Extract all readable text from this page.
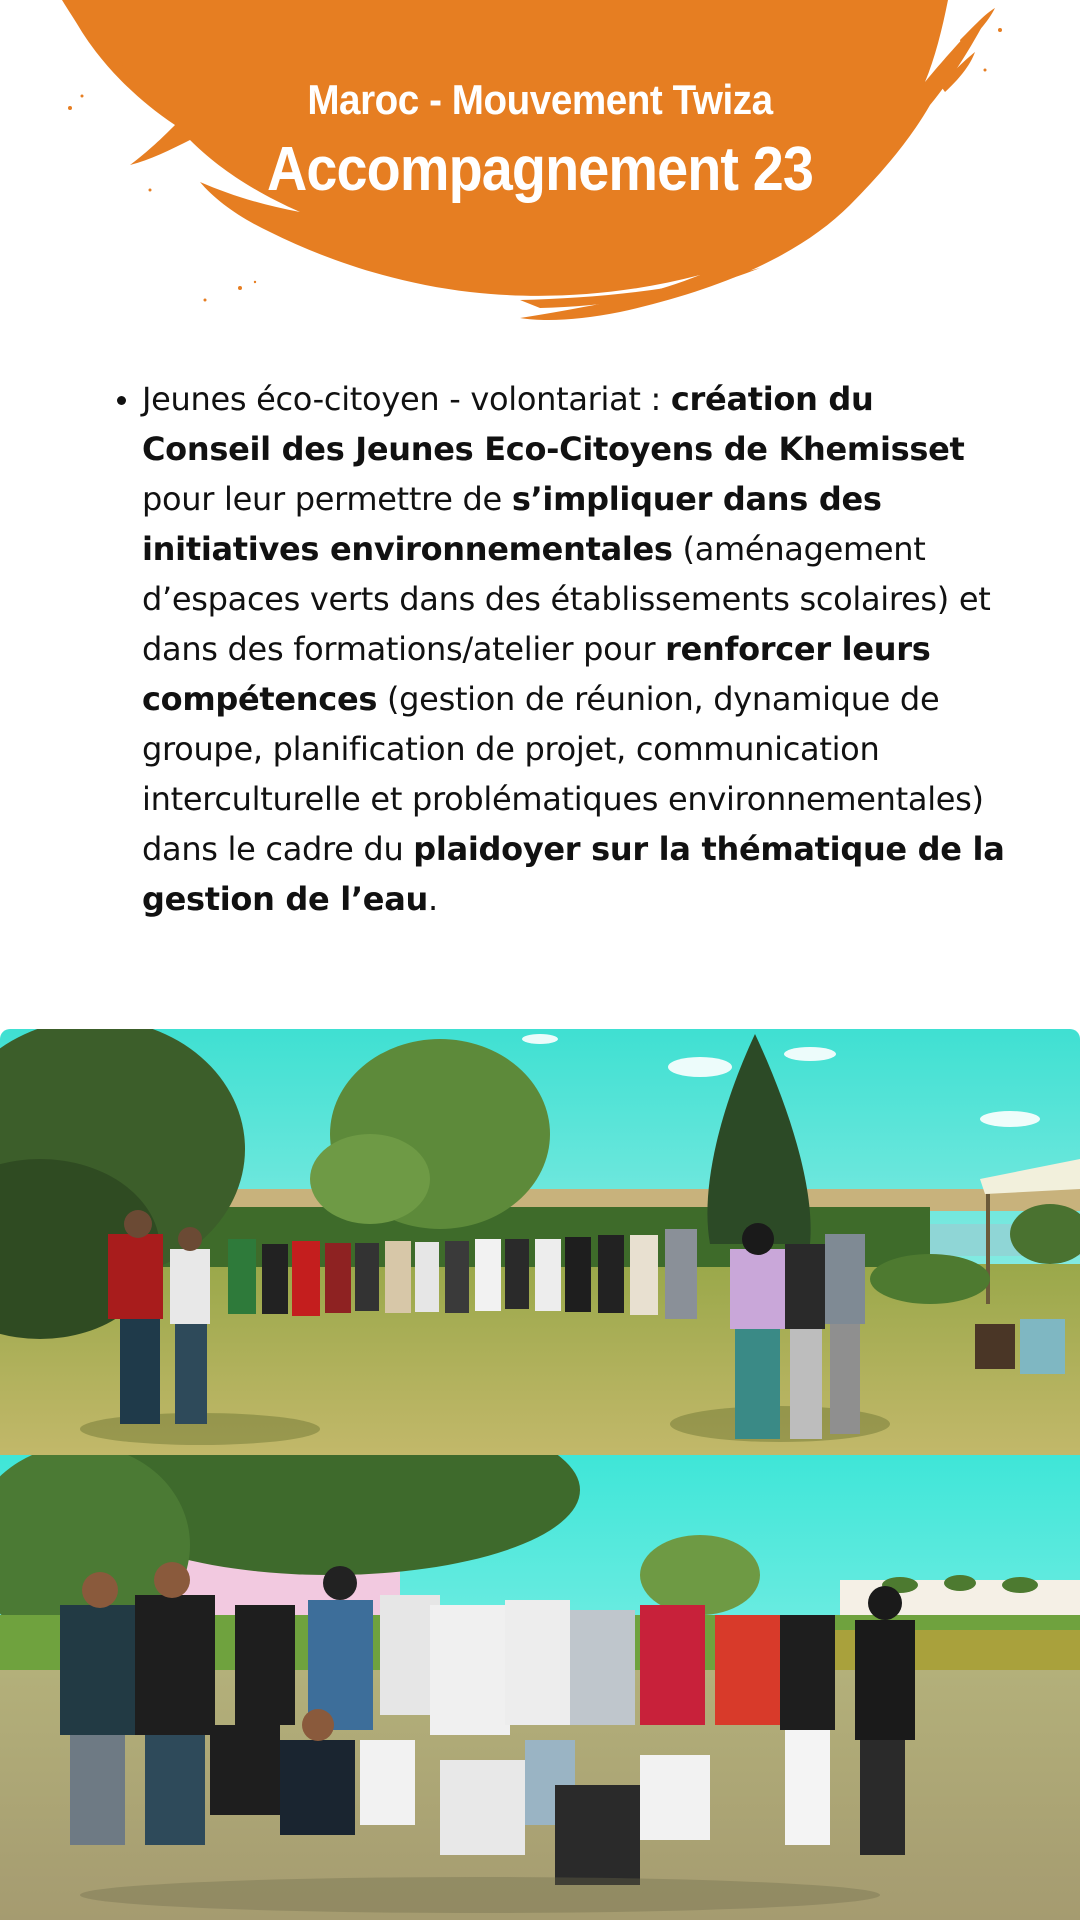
Maroc - Mouvement Twiza
Accompagnement 23
• Jeunes éco-citoyen - volontariat : création du Conseil des Jeunes Eco-Citoyens de Khemisset pour leur permettre de s’impliquer dans des initiatives environnementales (aménagement d’espaces verts dans des établissements scolaires) et dans des formations/atelier pour renforcer leurs compétences (gestion de réunion, dynamique de groupe, planification de projet, communication interculturelle et problématiques environnementales) dans le cadre du plaidoyer sur la thématique de la gestion de l’eau.
